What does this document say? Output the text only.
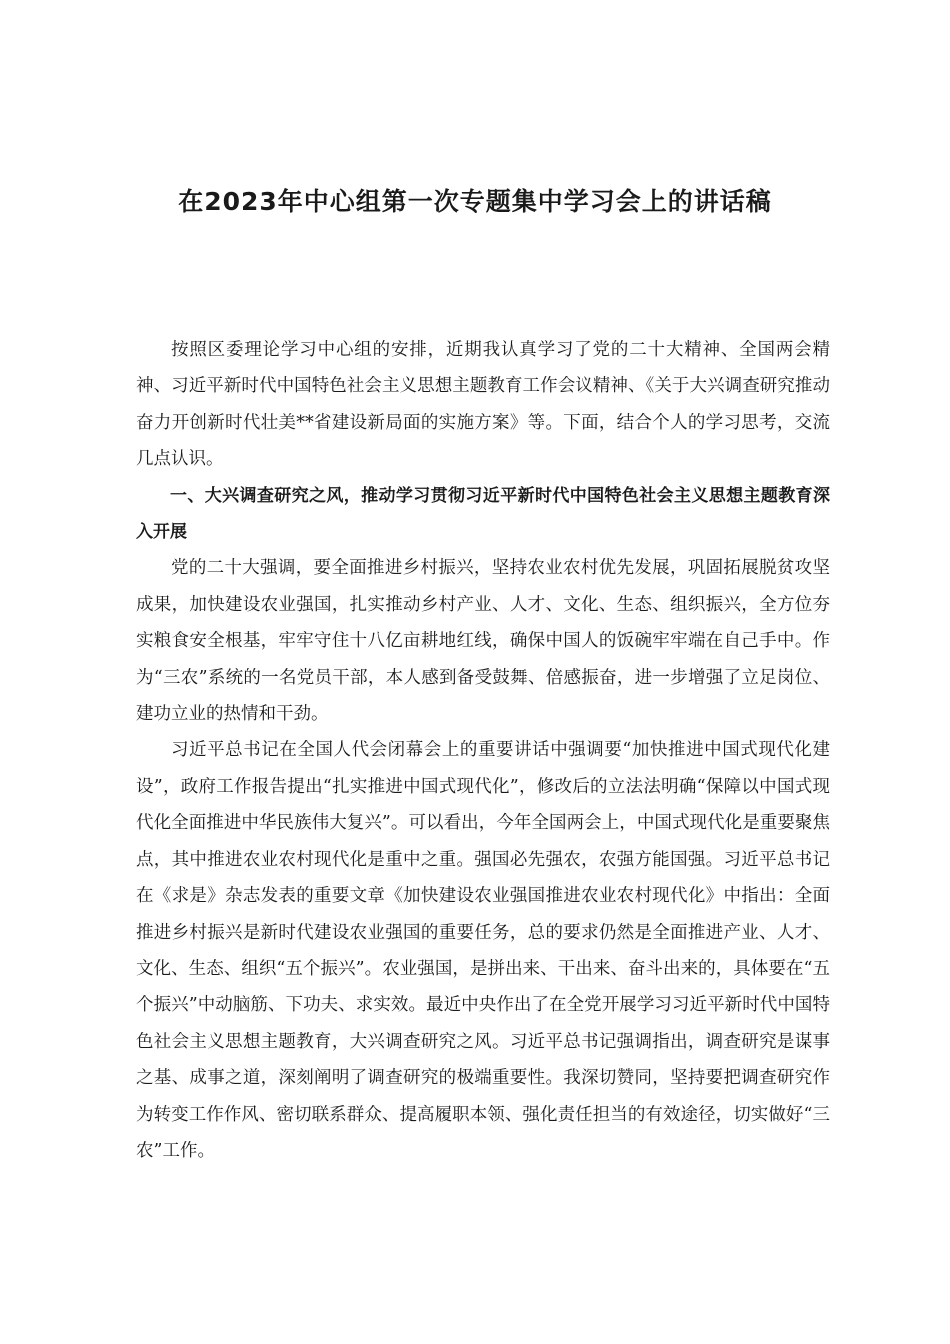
在2023年中心组第一次专题集中学习会上的讲话稿

按照区委理论学习中心组的安排，近期我认真学习了党的二十大精神、全国两会精神、习近平新时代中国特色社会主义思想主题教育工作会议精神、《关于大兴调查研究推动奋力开创新时代壮美**省建设新局面的实施方案》等。下面，结合个人的学习思考，交流几点认识。

一、大兴调查研究之风，推动学习贯彻习近平新时代中国特色社会主义思想主题教育深入开展

党的二十大强调，要全面推进乡村振兴，坚持农业农村优先发展，巩固拓展脱贫攻坚成果，加快建设农业强国，扎实推动乡村产业、人才、文化、生态、组织振兴，全方位夯实粮食安全根基，牢牢守住十八亿亩耕地红线，确保中国人的饭碗牢牢端在自己手中。作为“三农”系统的一名党员干部，本人感到备受鼓舞、倍感振奋，进一步增强了立足岗位、建功立业的热情和干劲。

习近平总书记在全国人代会闭幕会上的重要讲话中强调要“加快推进中国式现代化建设”，政府工作报告提出“扎实推进中国式现代化”，修改后的立法法明确“保障以中国式现代化全面推进中华民族伟大复兴”。可以看出，今年全国两会上，中国式现代化是重要聚焦点，其中推进农业农村现代化是重中之重。强国必先强农，农强方能国强。习近平总书记在《求是》杂志发表的重要文章《加快建设农业强国推进农业农村现代化》中指出：全面推进乡村振兴是新时代建设农业强国的重要任务，总的要求仍然是全面推进产业、人才、文化、生态、组织“五个振兴”。农业强国，是拼出来、干出来、奋斗出来的，具体要在“五个振兴”中动脑筋、下功夫、求实效。最近中央作出了在全党开展学习习近平新时代中国特色社会主义思想主题教育，大兴调查研究之风。习近平总书记强调指出，调查研究是谋事之基、成事之道，深刻阐明了调查研究的极端重要性。我深切赞同，坚持要把调查研究作为转变工作作风、密切联系群众、提高履职本领、强化责任担当的有效途径，切实做好“三农”工作。
